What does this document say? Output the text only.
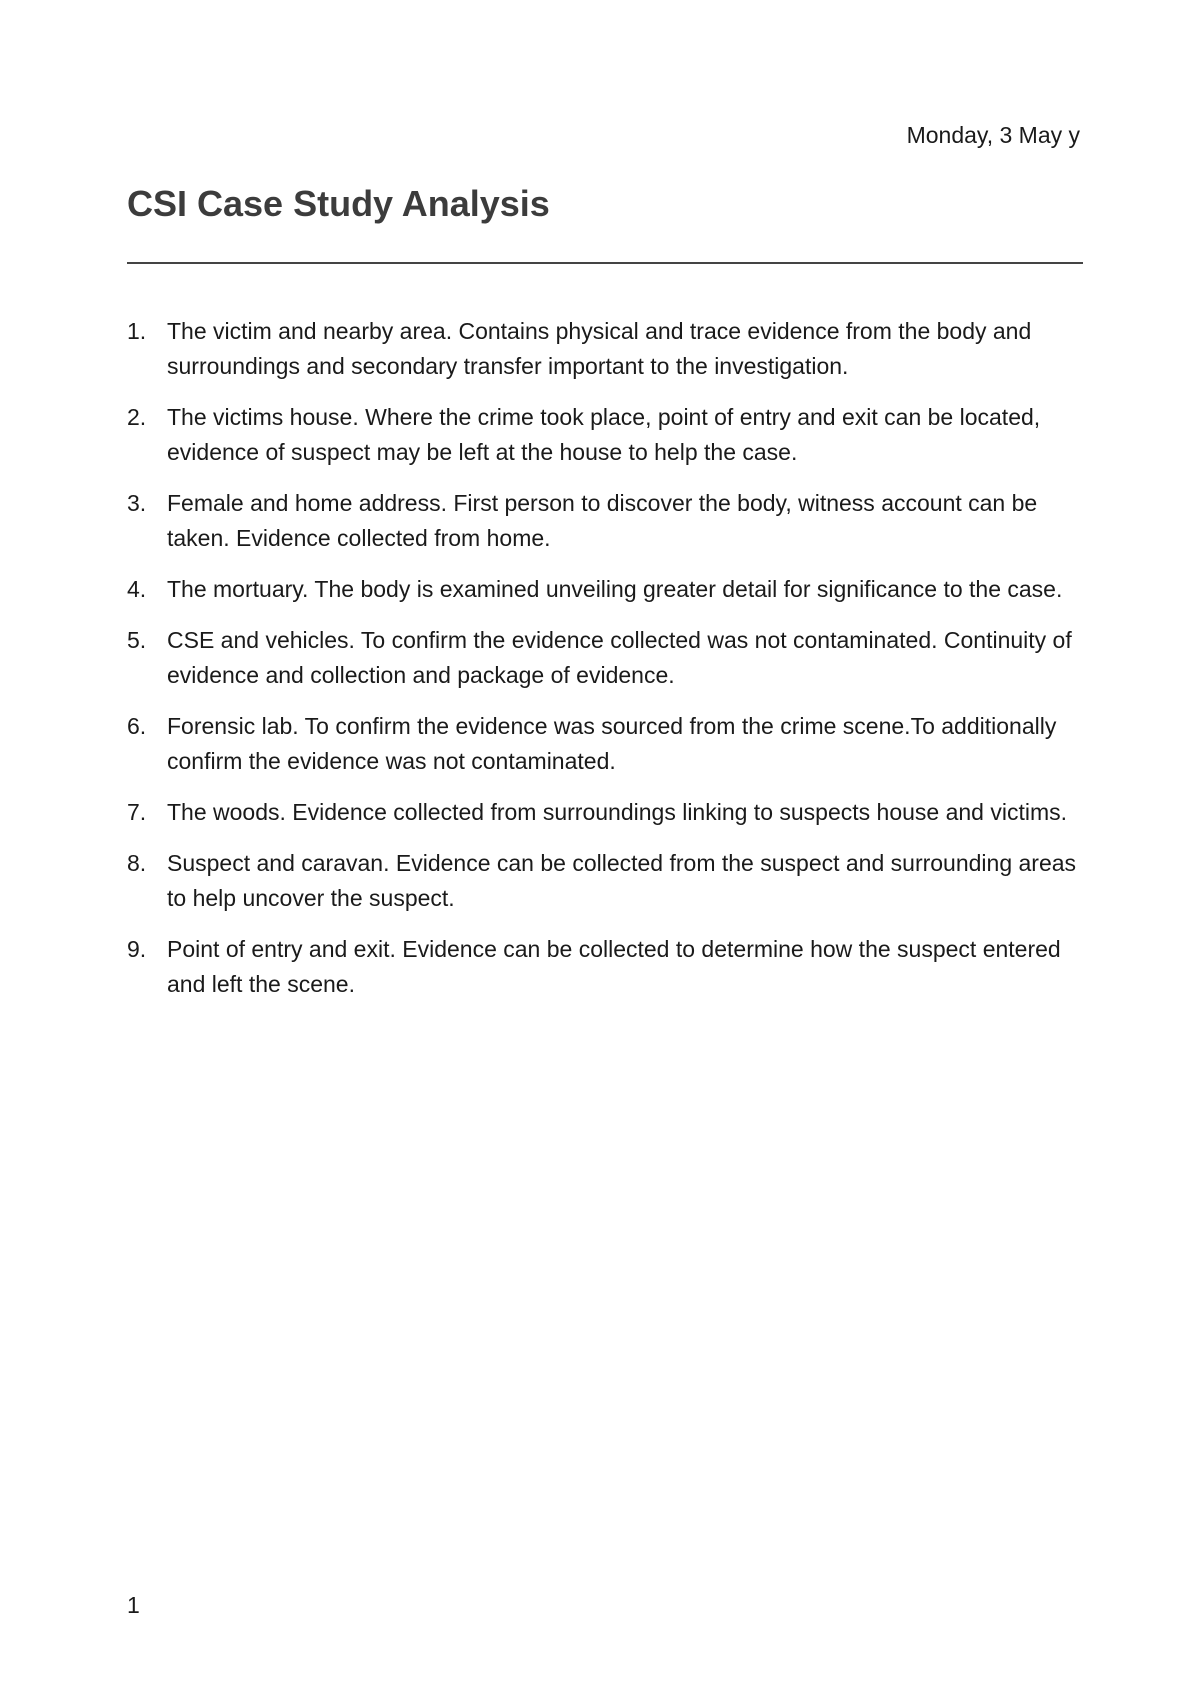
Monday, 3 May y
CSI Case Study Analysis
1. The victim and nearby area. Contains physical and trace evidence from the body and surroundings and secondary transfer important to the investigation.
2. The victims house. Where the crime took place, point of entry and exit can be located, evidence of suspect may be left at the house to help the case.
3. Female and home address. First person to discover the body, witness account can be taken. Evidence collected from home.
4. The mortuary. The body is examined unveiling greater detail for significance to the case.
5. CSE and vehicles. To confirm the evidence collected was not contaminated. Continuity of evidence and collection and package of evidence.
6. Forensic lab. To confirm the evidence was sourced from the crime scene.To additionally confirm the evidence was not contaminated.
7. The woods. Evidence collected from surroundings linking to suspects house and victims.
8. Suspect and caravan. Evidence can be collected from the suspect and surrounding areas to help uncover the suspect.
9. Point of entry and exit. Evidence can be collected to determine how the suspect entered and left the scene.
1
